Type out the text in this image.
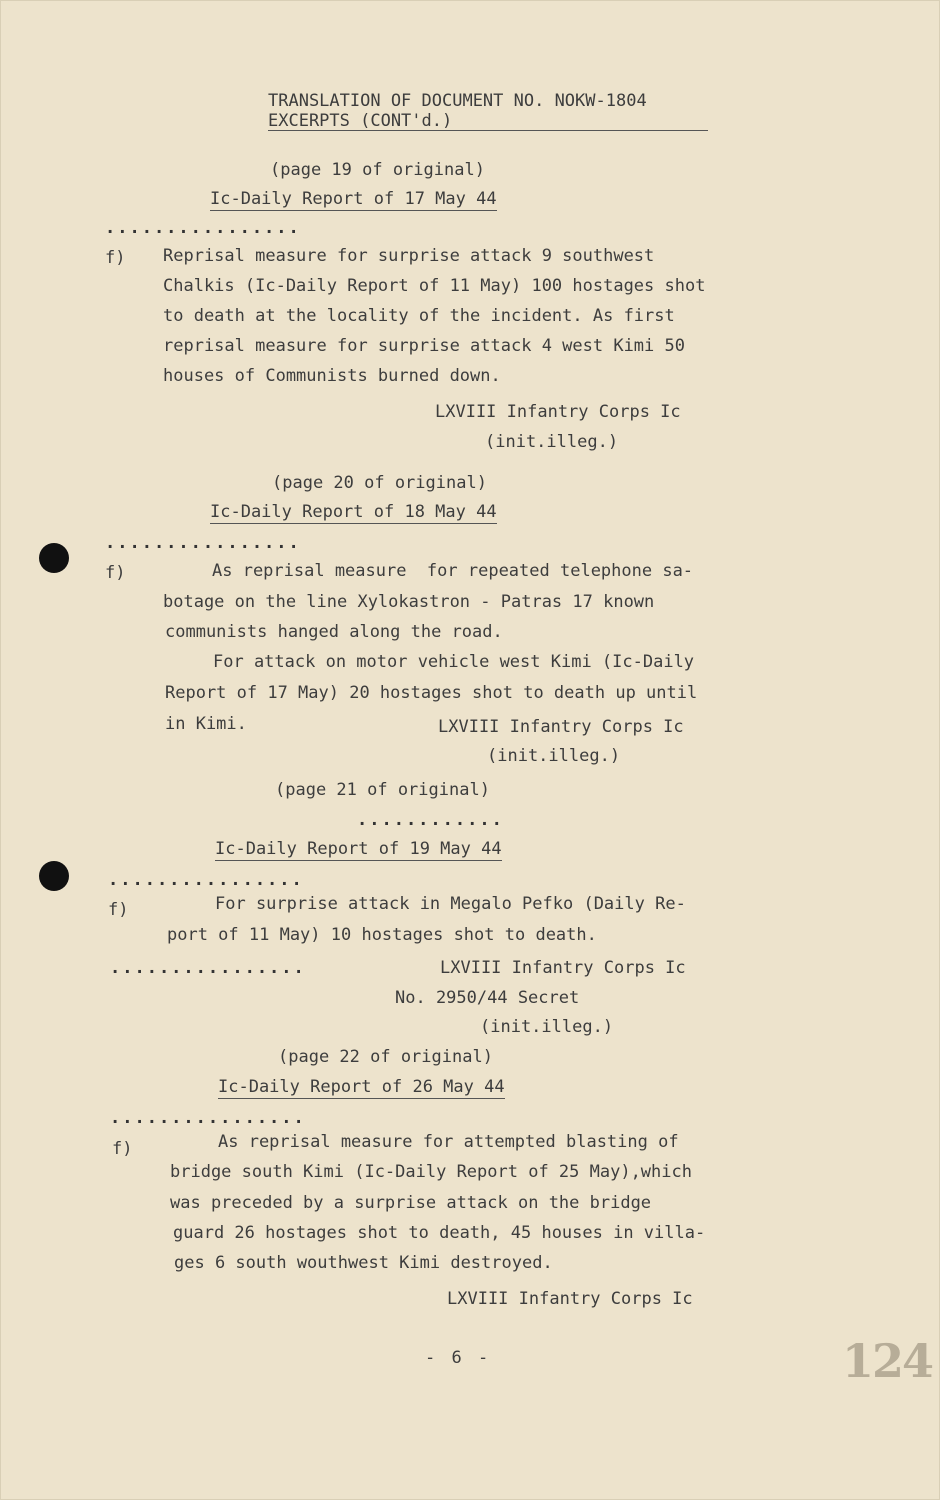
TRANSLATION OF DOCUMENT NO. NOKW-1804
EXCERPTS (CONT'd.)
(page 19 of original)
Ic-Daily Report of 17 May 44
................
f) Reprisal measure for surprise attack 9 southwest
Chalkis (Ic-Daily Report of 11 May) 100 hostages shot
to death at the locality of the incident. As first
reprisal measure for surprise attack 4 west Kimi 50
houses of Communists burned down.
LXVIII Infantry Corps Ic
(init.illeg.)
(page 20 of original)
Ic-Daily Report of 18 May 44
................
f)	As reprisal measure  for repeated telephone sa-
botage on the line Xylokastron - Patras 17 known
communists hanged along the road.
For attack on motor vehicle west Kimi (Ic-Daily
Report of 17 May) 20 hostages shot to death up until
in Kimi.	LXVIII Infantry Corps Ic
(init.illeg.)
(page 21 of original)
............
Ic-Daily Report of 19 May 44
................
f)	For surprise attack in Megalo Pefko (Daily Re-
port of 11 May) 10 hostages shot to death.
................	LXVIII Infantry Corps Ic
No. 2950/44 Secret
(init.illeg.)
(page 22 of original)
Ic-Daily Report of 26 May 44
................
f)	As reprisal measure for attempted blasting of
bridge south Kimi (Ic-Daily Report of 25 May),which
was preceded by a surprise attack on the bridge
guard 26 hostages shot to death, 45 houses in villa-
ges 6 south wouthwest Kimi destroyed.
LXVIII Infantry Corps Ic
- 6 -	124
